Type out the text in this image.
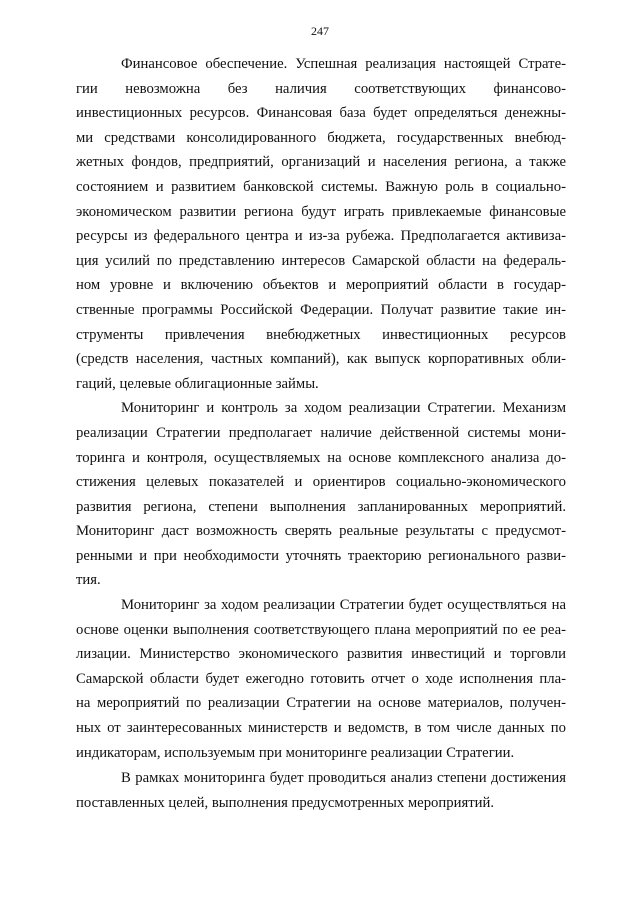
247
Финансовое обеспечение. Успешная реализация настоящей Страте-
гии невозможна без наличия соответствующих финансово-
инвестиционных ресурсов. Финансовая база будет определяться денежны-
ми средствами консолидированного бюджета, государственных внебюд-
жетных фондов, предприятий, организаций и населения региона, а также
состоянием и развитием банковской системы. Важную роль в социально-
экономическом развитии региона будут играть привлекаемые финансовые
ресурсы из федерального центра и из-за рубежа. Предполагается активиза-
ция усилий по представлению интересов Самарской области на федераль-
ном уровне и включению объектов и мероприятий области в государ-
ственные программы Российской Федерации. Получат развитие такие ин-
струменты привлечения внебюджетных инвестиционных ресурсов
(средств населения, частных компаний), как выпуск корпоративных обли-
гаций, целевые облигационные займы.
Мониторинг и контроль за ходом реализации Стратегии. Механизм
реализации Стратегии предполагает наличие действенной системы мони-
торинга и контроля, осуществляемых на основе комплексного анализа до-
стижения целевых показателей и ориентиров социально-экономического
развития региона, степени выполнения запланированных мероприятий.
Мониторинг даст возможность сверять реальные результаты с предусмот-
ренными и при необходимости уточнять траекторию регионального разви-
тия.
Мониторинг за ходом реализации Стратегии будет осуществляться на
основе оценки выполнения соответствующего плана мероприятий по ее реа-
лизации. Министерство экономического развития инвестиций и торговли
Самарской области будет ежегодно готовить отчет о ходе исполнения пла-
на мероприятий по реализации Стратегии на основе материалов, получен-
ных от заинтересованных министерств и ведомств, в том числе данных по
индикаторам, используемым при мониторинге реализации Стратегии.
В рамках мониторинга будет проводиться анализ степени достижения
поставленных целей, выполнения предусмотренных мероприятий.
